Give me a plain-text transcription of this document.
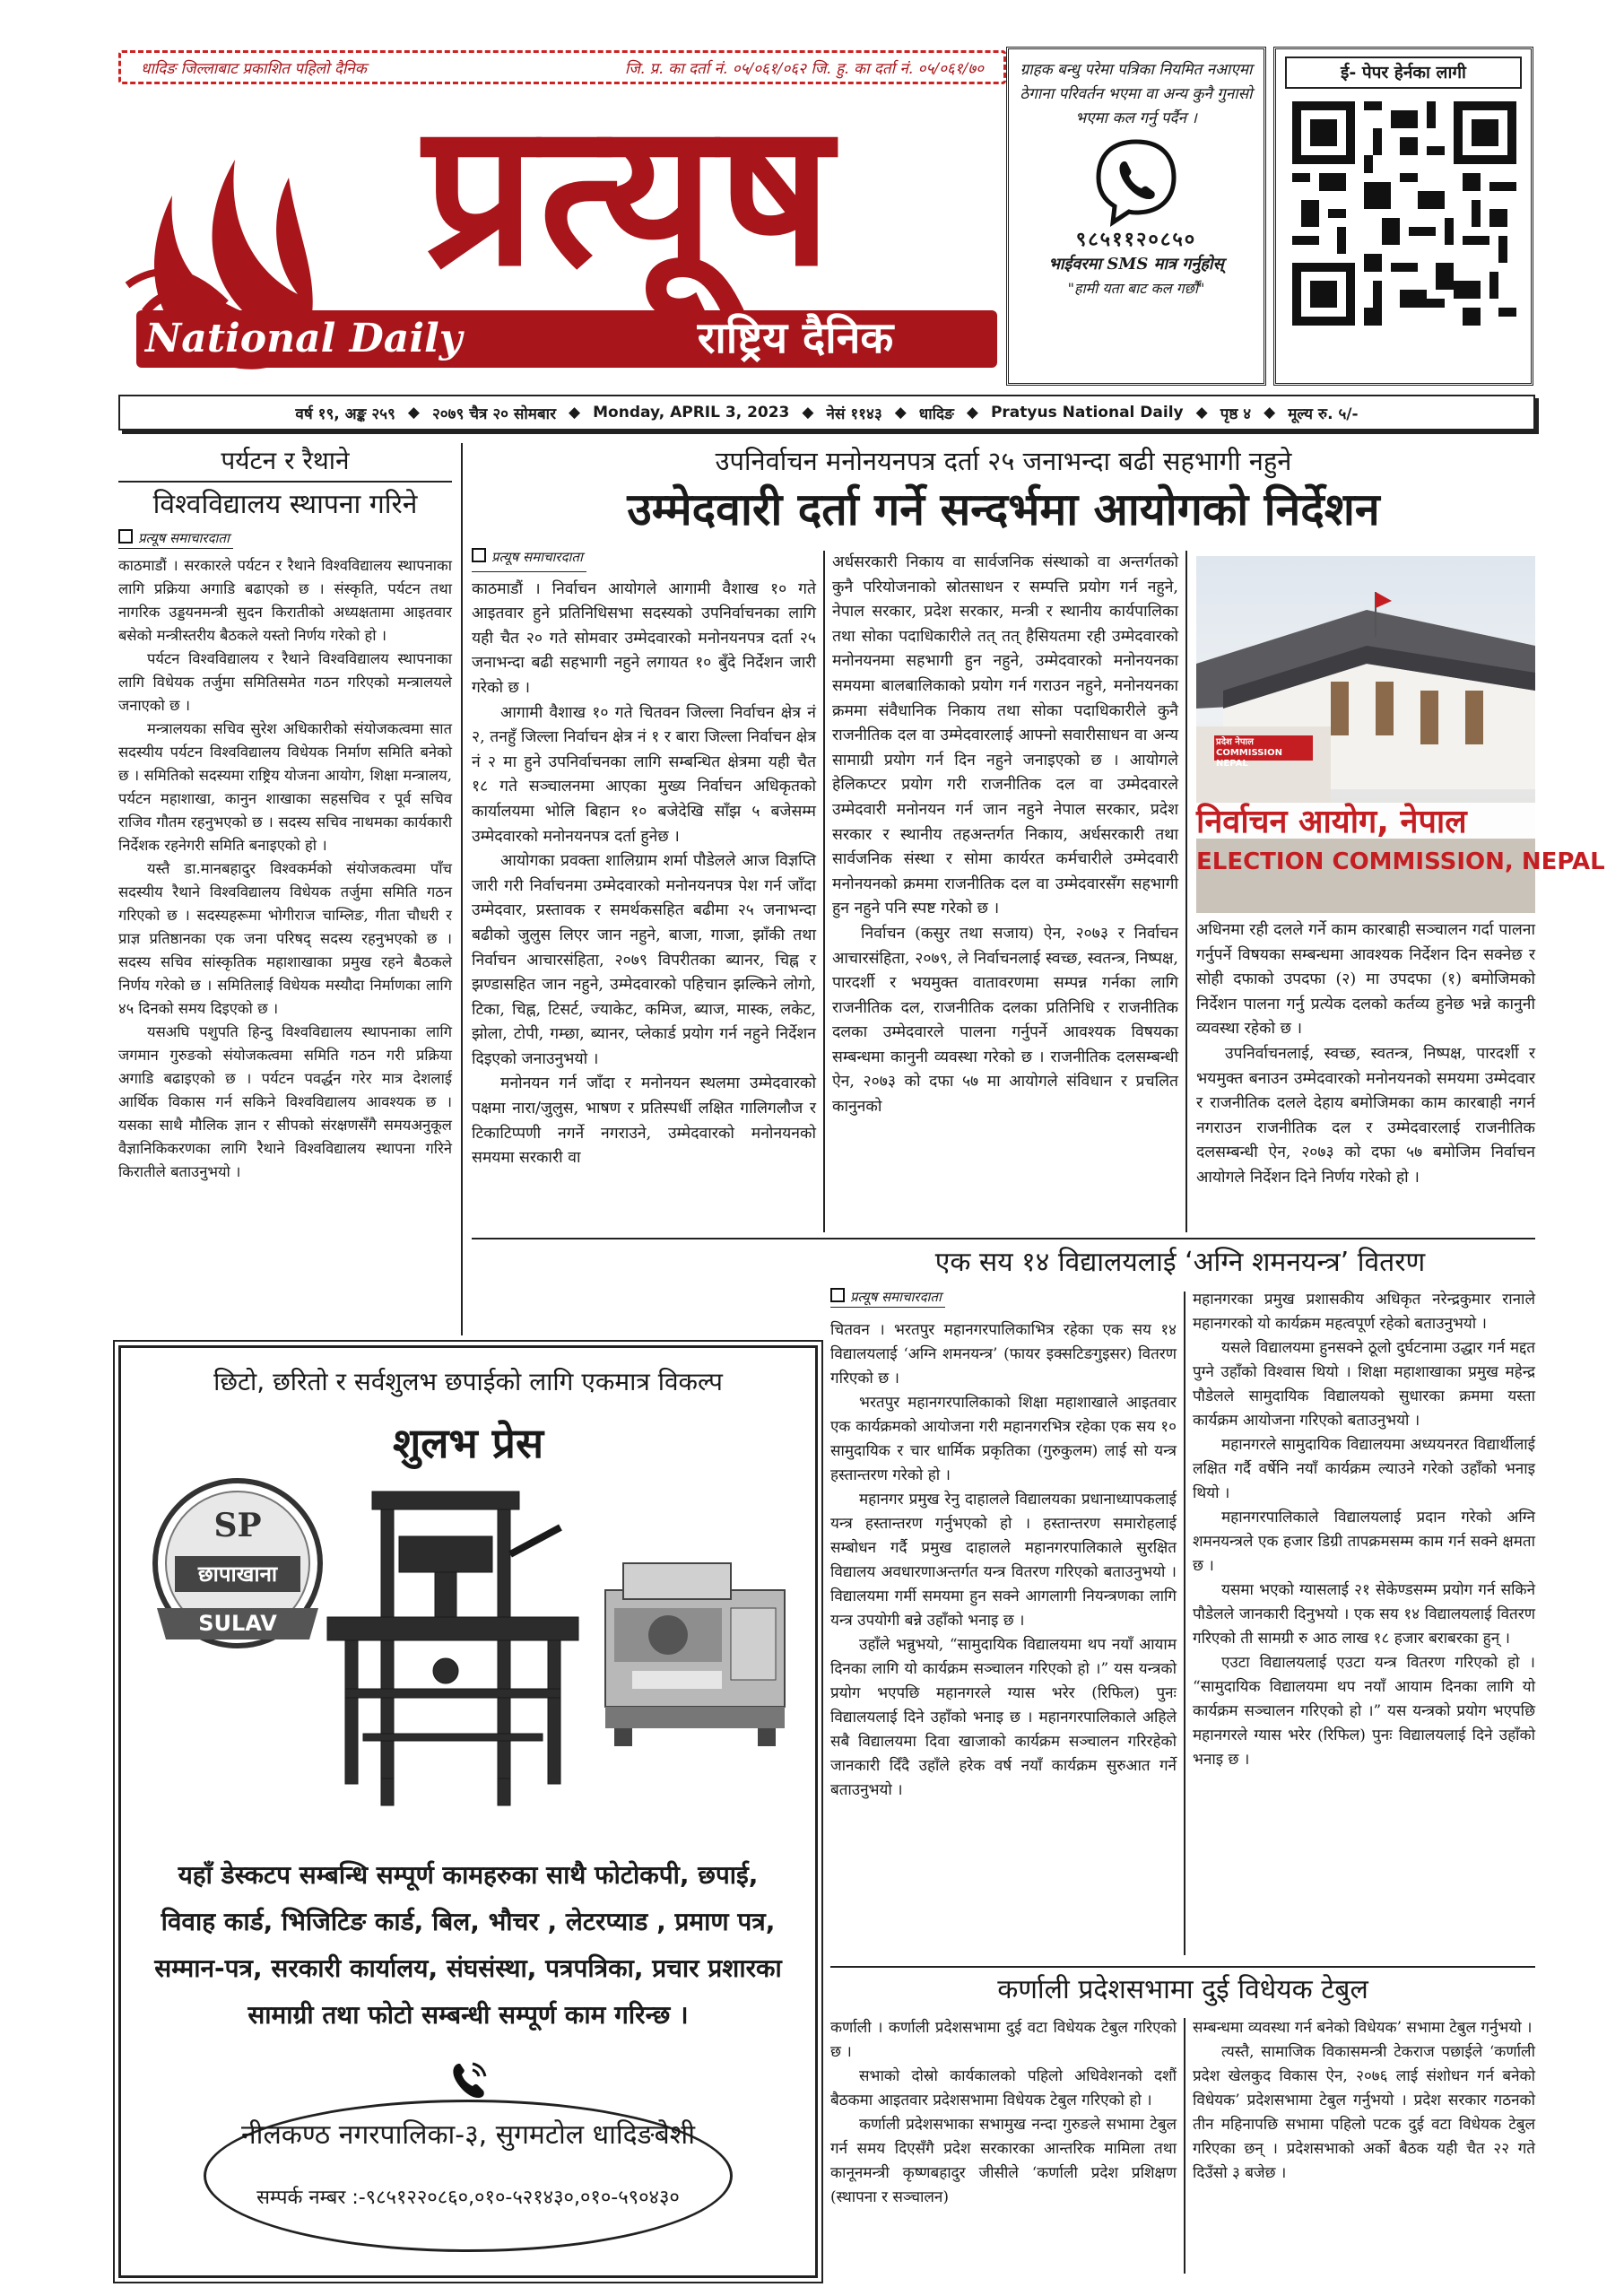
धादिङ जिल्लाबाट प्रकाशित पहिलो दैनिक	जि. प्र. का दर्ता नं. ०५/०६१/०६२ जि. हु. का दर्ता नं. ०५/०६१/७०
प्रत्यूष
National Daily	राष्ट्रिय दैनिक
ग्राहक बन्धु परेमा पत्रिका नियमित नआएमा ठेगाना परिवर्तन भएमा वा अन्य कुनै गुनासो भएमा कल गर्नु पर्दैन ।
९८५११२०८५०
भाईवरमा SMS मात्र गर्नुहोस्
"हामी यता बाट कल गर्छौं"
ई- पेपर हेर्नका लागी
वर्ष १९, अङ्क २५९ ◆ २०७९ चैत्र २० सोमबार ◆ Monday, APRIL 3, 2023 ◆ नेसं ११४३ ◆ धादिङ ◆ Pratyus National Daily ◆ पृष्ठ ४ ◆ मूल्य रु. ५/-
पर्यटन र रैथाने
विश्वविद्यालय स्थापना गरिने
प्रत्यूष समाचारदाता

काठमाडौं । सरकारले पर्यटन र रैथाने विश्वविद्यालय स्थापनाका लागि प्रक्रिया अगाडि बढाएको छ । संस्कृति, पर्यटन तथा नागरिक उड्डयनमन्त्री सुदन किरातीको अध्यक्षतामा आइतवार बसेको मन्त्रीस्तरीय बैठकले यस्तो निर्णय गरेको हो ।

पर्यटन विश्वविद्यालय र रैथाने विश्वविद्यालय स्थापनाका लागि विधेयक तर्जुमा समितिसमेत गठन गरिएको मन्त्रालयले जनाएको छ ।

मन्त्रालयका सचिव सुरेश अधिकारीको संयोजकत्वमा सात सदस्यीय पर्यटन विश्वविद्यालय विधेयक निर्माण समिति बनेको छ । समितिको सदस्यमा राष्ट्रिय योजना आयोग, शिक्षा मन्त्रालय, पर्यटन महाशाखा, कानुन शाखाका सहसचिव र पूर्व सचिव राजिव गौतम रहनुभएको छ । सदस्य सचिव नाथमका कार्यकारी निर्देशक रहनेगरी समिति बनाइएको हो ।

यस्तै डा.मानबहादुर विश्वकर्मको संयोजकत्वमा पाँच सदस्यीय रैथाने विश्वविद्यालय विधेयक तर्जुमा समिति गठन गरिएको छ । सदस्यहरूमा भोगीराज चाम्लिङ, गीता चौधरी र प्राज्ञ प्रतिष्ठानका एक जना परिषद् सदस्य रहनुभएको छ । सदस्य सचिव सांस्कृतिक महाशाखाका प्रमुख रहने बैठकले निर्णय गरेको छ । समितिलाई विधेयक मस्यौदा निर्माणका लागि ४५ दिनको समय दिइएको छ ।

यसअघि पशुपति हिन्दु विश्वविद्यालय स्थापनाका लागि जगमान गुरुङको संयोजकत्वमा समिति गठन गरी प्रक्रिया अगाडि बढाइएको छ । पर्यटन पवर्द्धन गरेर मात्र देशलाई आर्थिक विकास गर्न सकिने विश्वविद्यालय आवश्यक छ । यसका साथै मौलिक ज्ञान र सीपको संरक्षणसँगै समयअनुकूल वैज्ञानिकिकरणका लागि रैथाने विश्वविद्यालय स्थापना गरिने किरातीले बताउनुभयो ।

उपनिर्वाचन मनोनयनपत्र दर्ता २५ जनाभन्दा बढी सहभागी नहुने
उम्मेदवारी दर्ता गर्ने सन्दर्भमा आयोगको निर्देशन
प्रत्यूष समाचारदाता

काठमाडौं । निर्वाचन आयोगले आगामी वैशाख १० गते आइतवार हुने प्रतिनिधिसभा सदस्यको उपनिर्वाचनका लागि यही चैत २० गते सोमवार उम्मेदवारको मनोनयनपत्र दर्ता २५ जनाभन्दा बढी सहभागी नहुने लगायत १० बुँदे निर्देशन जारी गरेको छ ।

आगामी वैशाख १० गते चितवन जिल्ला निर्वाचन क्षेत्र नं २, तनहुँ जिल्ला निर्वाचन क्षेत्र नं १ र बारा जिल्ला निर्वाचन क्षेत्र नं २ मा हुने उपनिर्वाचनका लागि सम्बन्धित क्षेत्रमा यही चैत १८ गते सञ्चालनमा आएका मुख्य निर्वाचन अधिकृतको कार्यालयमा भोलि बिहान १० बजेदेखि साँझ ५ बजेसम्म उम्मेदवारको मनोनयनपत्र दर्ता हुनेछ ।

आयोगका प्रवक्ता शालिग्राम शर्मा पौडेलले आज विज्ञप्ति जारी गरी निर्वाचनमा उम्मेदवारको मनोनयनपत्र पेश गर्न जाँदा उम्मेदवार, प्रस्तावक र समर्थकसहित बढीमा २५ जनाभन्दा बढीको जुलुस लिएर जान नहुने, बाजा, गाजा, झाँकी तथा निर्वाचन आचारसंहिता, २०७९ विपरीतका ब्यानर, चिह्न र झण्डासहित जान नहुने, उम्मेदवारको पहिचान झल्किने लोगो, टिका, चिह्न, टिसर्ट, ज्याकेट, कमिज, ब्याज, मास्क, लकेट, झोला, टोपी, गम्छा, ब्यानर, प्लेकार्ड प्रयोग गर्न नहुने निर्देशन दिइएको जनाउनुभयो ।

मनोनयन गर्न जाँदा र मनोनयन स्थलमा उम्मेदवारको पक्षमा नारा/जुलुस, भाषण र प्रतिस्पर्धी लक्षित गालिगलौज र टिकाटिप्पणी नगर्ने नगराउने, उम्मेदवारको मनोनयनको समयमा सरकारी वा

अर्धसरकारी निकाय वा सार्वजनिक संस्थाको वा अन्तर्गतको कुनै परियोजनाको स्रोतसाधन र सम्पत्ति प्रयोग गर्न नहुने, नेपाल सरकार, प्रदेश सरकार, मन्त्री र स्थानीय कार्यपालिका तथा सोका पदाधिकारीले तत् तत् हैसियतमा रही उम्मेदवारको मनोनयनमा सहभागी हुन नहुने, उम्मेदवारको मनोनयनका समयमा बालबालिकाको प्रयोग गर्न गराउन नहुने, मनोनयनका क्रममा संवैधानिक निकाय तथा सोका पदाधिकारीले कुनै राजनीतिक दल वा उम्मेदवारलाई आफ्नो सवारीसाधन वा अन्य सामाग्री प्रयोग गर्न दिन नहुने जनाइएको छ । आयोगले हेलिकप्टर प्रयोग गरी राजनीतिक दल वा उम्मेदवारले उम्मेदवारी मनोनयन गर्न जान नहुने नेपाल सरकार, प्रदेश सरकार र स्थानीय तहअन्तर्गत निकाय, अर्धसरकारी तथा सार्वजनिक संस्था र सोमा कार्यरत कर्मचारीले उम्मेदवारी मनोनयनको क्रममा राजनीतिक दल वा उम्मेदवारसँग सहभागी हुन नहुने पनि स्पष्ट गरेको छ ।

निर्वाचन (कसुर तथा सजाय) ऐन, २०७३ र निर्वाचन आचारसंहिता, २०७९, ले निर्वाचनलाई स्वच्छ, स्वतन्त्र, निष्पक्ष, पारदर्शी र भयमुक्त वातावरणमा सम्पन्न गर्नका लागि राजनीतिक दल, राजनीतिक दलका प्रतिनिधि र राजनीतिक दलका उम्मेदवारले पालना गर्नुपर्ने आवश्यक विषयका सम्बन्धमा कानुनी व्यवस्था गरेको छ । राजनीतिक दलसम्बन्धी ऐन, २०७३ को दफा ५७ मा आयोगले संविधान र प्रचलित कानुनको

प्रदेश नेपाल COMMISSION NEPAL
निर्वाचन आयोग, नेपाल
ELECTION COMMISSION, NEPAL

अधिनमा रही दलले गर्ने काम कारबाही सञ्चालन गर्दा पालना गर्नुपर्ने विषयका सम्बन्धमा आवश्यक निर्देशन दिन सक्नेछ र सोही दफाको उपदफा (२) मा उपदफा (१) बमोजिमको निर्देशन पालना गर्नु प्रत्येक दलको कर्तव्य हुनेछ भन्ने कानुनी व्यवस्था रहेको छ ।

उपनिर्वाचनलाई, स्वच्छ, स्वतन्त्र, निष्पक्ष, पारदर्शी र भयमुक्त बनाउन उम्मेदवारको मनोनयनको समयमा उम्मेदवार र राजनीतिक दलले देहाय बमोजिमका काम कारबाही नगर्न नगराउन राजनीतिक दल र उम्मेदवारलाई राजनीतिक दलसम्बन्धी ऐन, २०७३ को दफा ५७ बमोजिम निर्वाचन आयोगले निर्देशन दिने निर्णय गरेको हो ।

एक सय १४ विद्यालयलाई ‘अग्नि शमनयन्त्र’ वितरण
प्रत्यूष समाचारदाता

चितवन । भरतपुर महानगरपालिकाभित्र रहेका एक सय १४ विद्यालयलाई ‘अग्नि शमनयन्त्र’ (फायर इक्सटिङगुइसर) वितरण गरिएको छ ।

भरतपुर महानगरपालिकाको शिक्षा महाशाखाले आइतवार एक कार्यक्रमको आयोजना गरी महानगरभित्र रहेका एक सय १० सामुदायिक र चार धार्मिक प्रकृतिका (गुरुकुलम) लाई सो यन्त्र हस्तान्तरण गरेको हो ।

महानगर प्रमुख रेनु दाहालले विद्यालयका प्रधानाध्यापकलाई यन्त्र हस्तान्तरण गर्नुभएको हो । हस्तान्तरण समारोहलाई सम्बोधन गर्दै प्रमुख दाहालले महानगरपालिकाले सुरक्षित विद्यालय अवधारणाअन्तर्गत यन्त्र वितरण गरिएको बताउनुभयो । विद्यालयमा गर्मी समयमा हुन सक्ने आगलागी नियन्त्रणका लागि यन्त्र उपयोगी बन्ने उहाँको भनाइ छ ।

उहाँले भन्नुभयो, “सामुदायिक विद्यालयमा थप नयाँ आयाम दिनका लागि यो कार्यक्रम सञ्चालन गरिएको हो ।” यस यन्त्रको प्रयोग भएपछि महानगरले ग्यास भरेर (रिफिल) पुनः विद्यालयलाई दिने उहाँको भनाइ छ । महानगरपालिकाले अहिले सबै विद्यालयमा दिवा खाजाको कार्यक्रम सञ्चालन गरिरहेको जानकारी दिँदै उहाँले हरेक वर्ष नयाँ कार्यक्रम सुरुआत गर्ने बताउनुभयो ।

महानगरका प्रमुख प्रशासकीय अधिकृत नरेन्द्रकुमार रानाले महानगरको यो कार्यक्रम महत्वपूर्ण रहेको बताउनुभयो ।

यसले विद्यालयमा हुनसक्ने ठूलो दुर्घटनामा उद्धार गर्न मद्दत पुग्ने उहाँको विश्वास थियो । शिक्षा महाशाखाका प्रमुख महेन्द्र पौडेलले सामुदायिक विद्यालयको सुधारका क्रममा यस्ता कार्यक्रम आयोजना गरिएको बताउनुभयो ।

महानगरले सामुदायिक विद्यालयमा अध्ययनरत विद्यार्थीलाई लक्षित गर्दै वर्षेनि नयाँ कार्यक्रम ल्याउने गरेको उहाँको भनाइ थियो ।

महानगरपालिकाले विद्यालयलाई प्रदान गरेको अग्नि शमनयन्त्रले एक हजार डिग्री तापक्रमसम्म काम गर्न सक्ने क्षमता छ ।

यसमा भएको ग्यासलाई २१ सेकेण्डसम्म प्रयोग गर्न सकिने पौडेलले जानकारी दिनुभयो । एक सय १४ विद्यालयलाई वितरण गरिएको ती सामग्री रु आठ लाख १८ हजार बराबरका हुन् ।

एउटा विद्यालयलाई एउटा यन्त्र वितरण गरिएको हो । “सामुदायिक विद्यालयमा थप नयाँ आयाम दिनका लागि यो कार्यक्रम सञ्चालन गरिएको हो ।” यस यन्त्रको प्रयोग भएपछि महानगरले ग्यास भरेर (रिफिल) पुनः विद्यालयलाई दिने उहाँको भनाइ छ ।

कर्णाली प्रदेशसभामा दुई विधेयक टेबुल

कर्णाली । कर्णाली प्रदेशसभामा दुई वटा विधेयक टेबुल गरिएको छ ।

सभाको दोस्रो कार्यकालको पहिलो अधिवेशनको दशौं बैठकमा आइतवार प्रदेशसभामा विधेयक टेबुल गरिएको हो ।

कर्णाली प्रदेशसभाका सभामुख नन्दा गुरुङले सभामा टेबुल गर्न समय दिएसँगै प्रदेश सरकारका आन्तरिक मामिला तथा कानूनमन्त्री कृष्णबहादुर जीसीले ‘कर्णाली प्रदेश प्रशिक्षण (स्थापना र सञ्चालन)

सम्बन्धमा व्यवस्था गर्न बनेको विधेयक’ सभामा टेबुल गर्नुभयो ।

त्यस्तै, सामाजिक विकासमन्त्री टेकराज पछाईले ‘कर्णाली प्रदेश खेलकुद विकास ऐन, २०७६ लाई संशोधन गर्न बनेको विधेयक’ प्रदेशसभामा टेबुल गर्नुभयो । प्रदेश सरकार गठनको तीन महिनापछि सभामा पहिलो पटक दुई वटा विधेयक टेबुल गरिएका छन् । प्रदेशसभाको अर्को बैठक यही चैत २२ गते दिउँसो ३ बजेछ ।

छिटो, छरितो र सर्वशुलभ छपाईको लागि एकमात्र विकल्प
शुलभ प्रेस
SP
छापाखाना
SULAV
यहाँ डेस्कटप सम्बन्धि सम्पूर्ण कामहरुका साथै फोटोकपी, छपाई, विवाह कार्ड, भिजिटिङ कार्ड, बिल, भौचर , लेटरप्याड , प्रमाण पत्र, सम्मान-पत्र, सरकारी कार्यालय, संघसंस्था, पत्रपत्रिका, प्रचार प्रशारका सामाग्री तथा फोटो सम्बन्धी सम्पूर्ण काम गरिन्छ ।
नीलकण्ठ नगरपालिका-३, सुगमटोल धादिङबेशी
सम्पर्क नम्बर :-९८५१२२०८६०,०१०-५२१४३०,०१०-५९०४३०
